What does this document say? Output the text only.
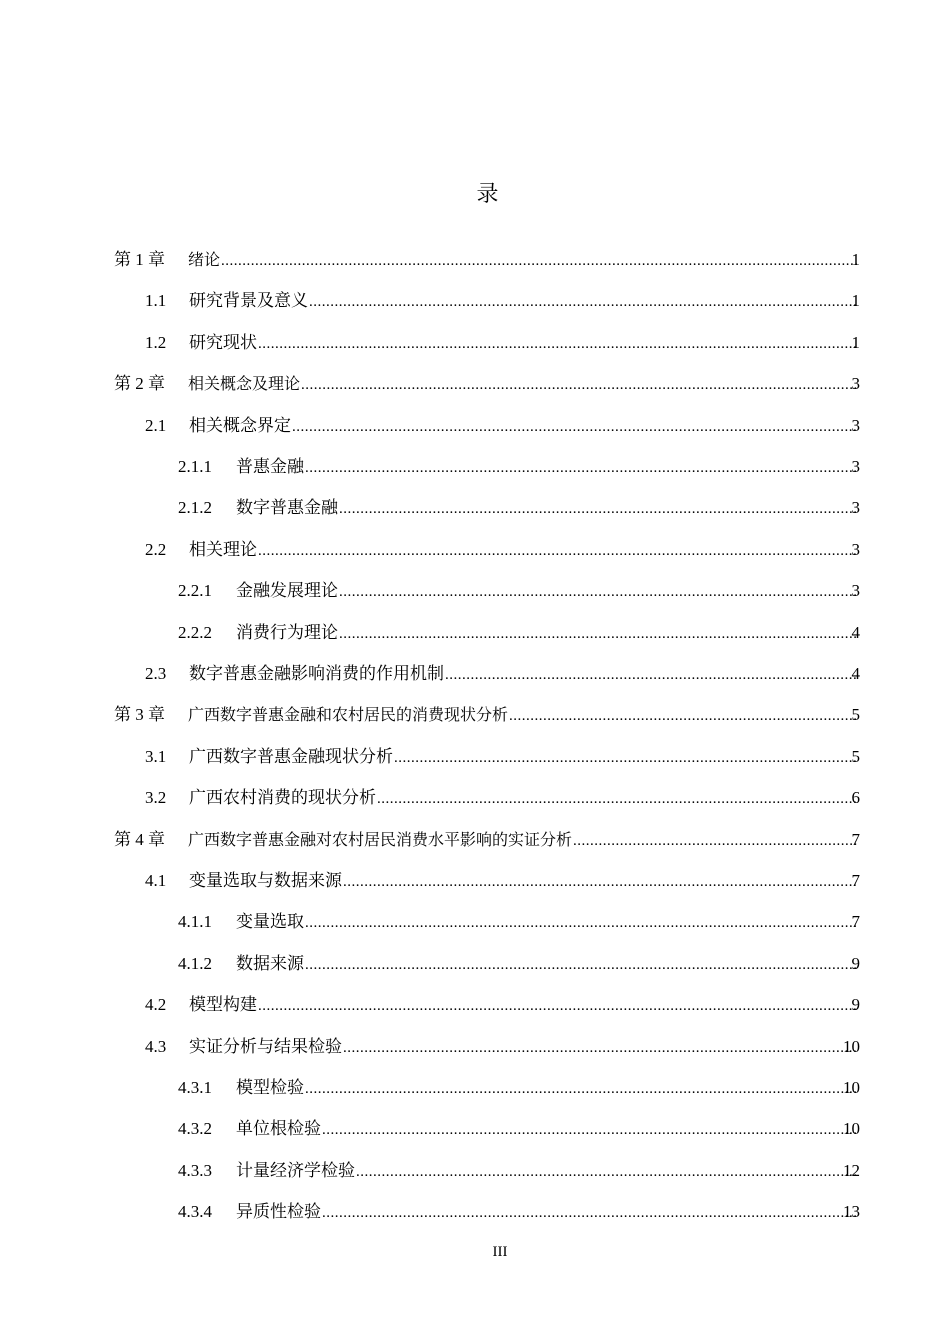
录
第 1 章 绪论 .....	1
1.1 研究背景及意义 .....	1
1.2 研究现状 .....	1
第 2 章 相关概念及理论 .....	3
2.1 相关概念界定 .....	3
2.1.1 普惠金融 .....	3
2.1.2 数字普惠金融 .....	3
2.2 相关理论 .....	3
2.2.1 金融发展理论 .....	3
2.2.2 消费行为理论 .....	4
2.3 数字普惠金融影响消费的作用机制 .....	4
第 3 章 广西数字普惠金融和农村居民的消费现状分析 .....	5
3.1 广西数字普惠金融现状分析 .....	5
3.2 广西农村消费的现状分析 .....	6
第 4 章 广西数字普惠金融对农村居民消费水平影响的实证分析 .....	7
4.1 变量选取与数据来源 .....	7
4.1.1 变量选取 .....	7
4.1.2 数据来源 .....	9
4.2 模型构建 .....	9
4.3 实证分析与结果检验 .....	10
4.3.1 模型检验 .....	10
4.3.2 单位根检验 .....	10
4.3.3 计量经济学检验 .....	12
4.3.4 异质性检验 .....	13
III
